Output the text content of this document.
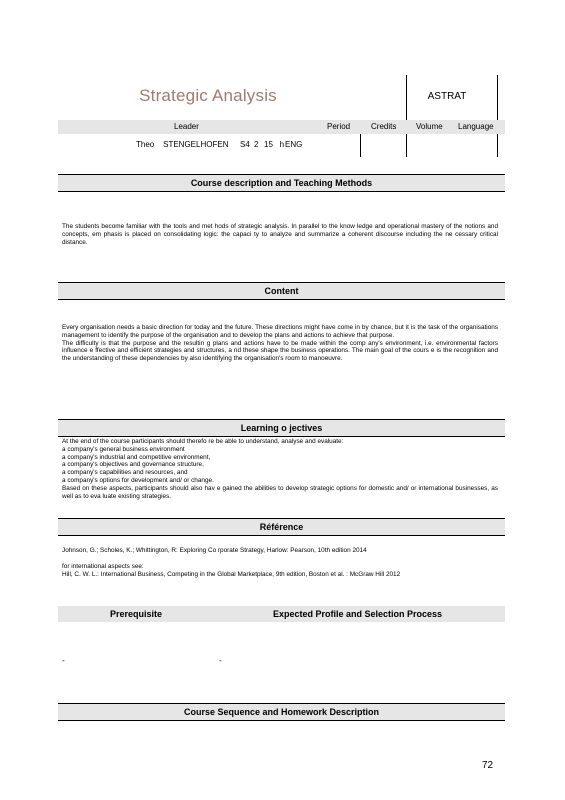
Strategic Analysis	ASTRAT
Leader	Period	Credits Volume Language
Theo    STENGELHOFEN S4 2 15   h ENG
Course description and Teaching Methods
The students become familiar with the tools and met hods of strategic analysis. In parallel to the know ledge and operational mastery of the notions and concepts, em phasis is placed on consolidating logic: the capaci ty to analyze and summarize a coherent discourse including the ne cessary critical distance.
Content

Every organisation needs a basic direction for today and the future. These directions might have come in by chance, but it is the task of the organisations management to identify the purpose of the organisation and to develop the plans and actions to achieve that purpose.

The difficulty is that the purpose and the resultin g plans and actions have to be made within the comp any's environment, i.e. environmental factors influence e ffective and efficient strategies and structures, a nd these shape the business operations. The main goal of the cours e is the recognition and the understanding of these dependencies by also identifying the organisation's room to manoeuvre.

Learning o jectives

At the end of the course participants should therefo re be able to understand, analyse and evaluate:

a company's general business environment

a company's industrial and competitive environment,

a company's objectives and governance structure,

a company's capabilities and resources, and

a company's options for development and/ or change.

Based on these aspects, participants should also hav e gained the abilities to develop strategic options for domestic and/ or international businesses, as well as to eva luate existing strategies.

Référence

Johnson, G.; Scholes, K.; Whittington, R: Exploring Co rporate Strategy, Harlow: Pearson, 10th edition 2014

for international aspects see:

Hill, C. W. L.: International Business, Competing in the Global Marketplace, 9th edition, Boston et al. : McGraw Hill 2012

Prerequisite	Expected Profile and Selection Process
-	-
Course Sequence and Homework Description
72
